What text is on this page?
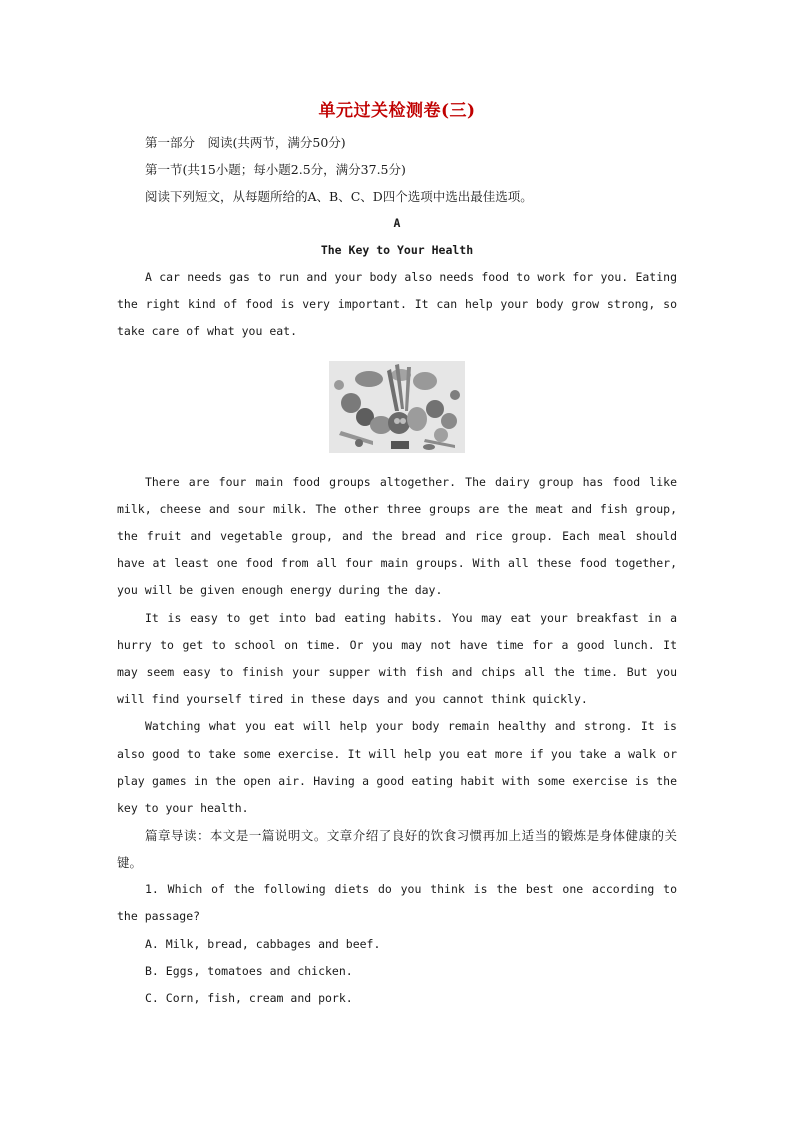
单元过关检测卷(三)

第一部分　阅读(共两节，满分50分)

第一节(共15小题；每小题2.5分，满分37.5分)

阅读下列短文，从每题所给的A、B、C、D四个选项中选出最佳选项。

A

The Key to Your Health

A car needs gas to run and your body also needs food to work for you. Eating the right kind of food is very important. It can help your body grow strong, so take care of what you eat.

There are four main food groups altogether. The dairy group has food like milk, cheese and sour milk. The other three groups are the meat and fish group, the fruit and vegetable group, and the bread and rice group. Each meal should have at least one food from all four main groups. With all these food together, you will be given enough energy during the day.

It is easy to get into bad eating habits. You may eat your breakfast in a hurry to get to school on time. Or you may not have time for a good lunch. It may seem easy to finish your supper with fish and chips all the time. But you will find yourself tired in these days and you cannot think quickly.

Watching what you eat will help your body remain healthy and strong. It is also good to take some exercise. It will help you eat more if you take a walk or play games in the open air. Having a good eating habit with some exercise is the key to your health.

篇章导读：本文是一篇说明文。文章介绍了良好的饮食习惯再加上适当的锻炼是身体健康的关键。

1. Which of the following diets do you think is the best one according to the passage?

A. Milk, bread, cabbages and beef.

B. Eggs, tomatoes and chicken.

C. Corn, fish, cream and pork.
